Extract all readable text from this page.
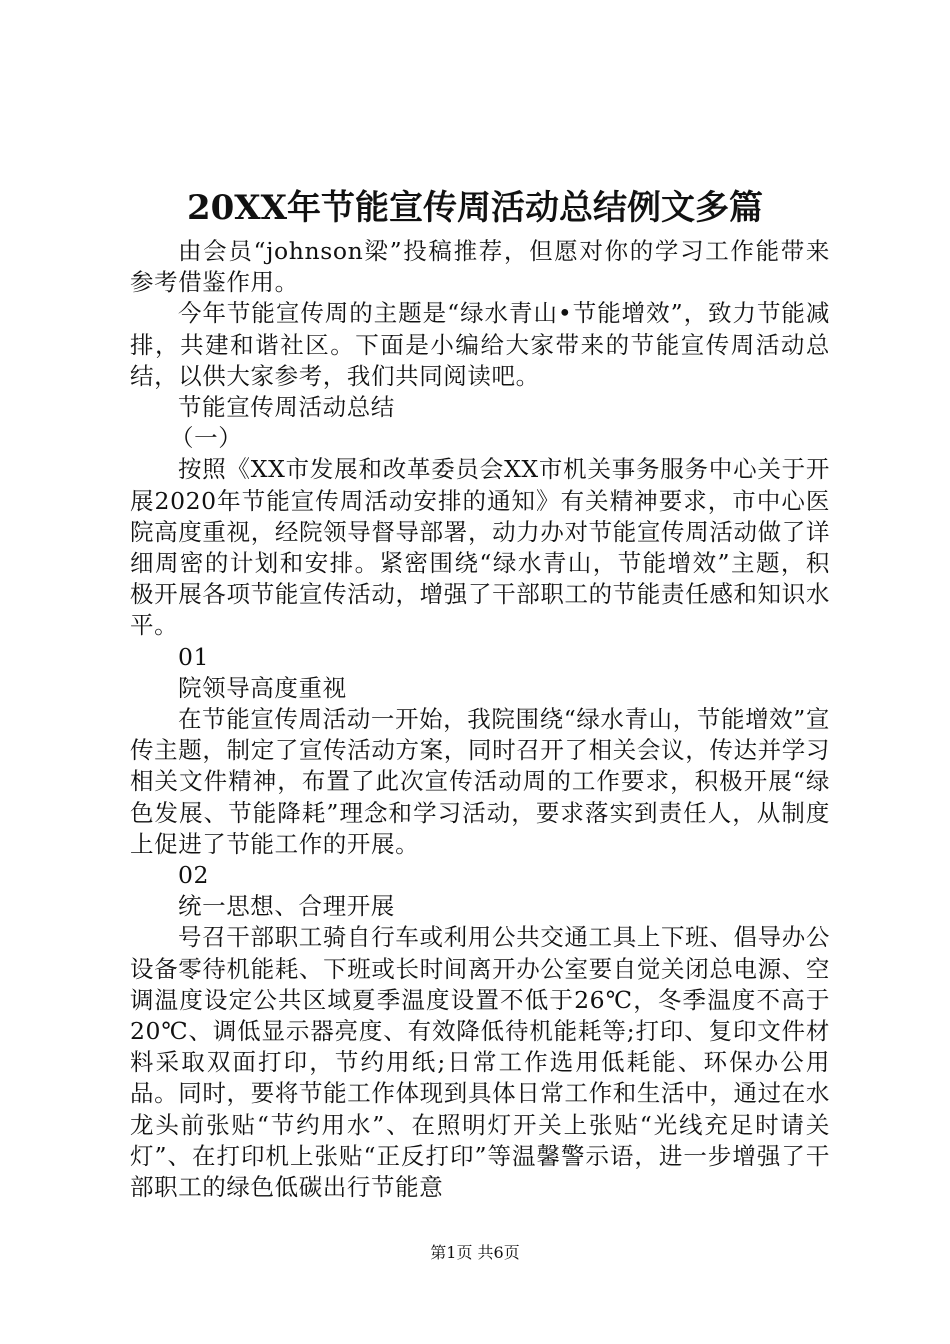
20XX年节能宣传周活动总结例文多篇

由会员“johnson梁”投稿推荐，但愿对你的学习工作能带来参考借鉴作用。

今年节能宣传周的主题是“绿水青山•节能增效”，致力节能减排，共建和谐社区。下面是小编给大家带来的节能宣传周活动总结，以供大家参考，我们共同阅读吧。

节能宣传周活动总结

（一）

按照《XX市发展和改革委员会XX市机关事务服务中心关于开展2020年节能宣传周活动安排的通知》有关精神要求，市中心医院高度重视，经院领导督导部署，动力办对节能宣传周活动做了详细周密的计划和安排。紧密围绕“绿水青山，节能增效”主题，积极开展各项节能宣传活动，增强了干部职工的节能责任感和知识水平。

01

院领导高度重视

在节能宣传周活动一开始，我院围绕“绿水青山，节能增效”宣传主题，制定了宣传活动方案，同时召开了相关会议，传达并学习相关文件精神，布置了此次宣传活动周的工作要求，积极开展“绿色发展、节能降耗”理念和学习活动，要求落实到责任人，从制度上促进了节能工作的开展。

02

统一思想、合理开展

号召干部职工骑自行车或利用公共交通工具上下班、倡导办公设备零待机能耗、下班或长时间离开办公室要自觉关闭总电源、空调温度设定公共区域夏季温度设置不低于26℃，冬季温度不高于20℃、调低显示器亮度、有效降低待机能耗等;打印、复印文件材料采取双面打印，节约用纸;日常工作选用低耗能、环保办公用品。同时，要将节能工作体现到具体日常工作和生活中，通过在水龙头前张贴“节约用水”、在照明灯开关上张贴“光线充足时请关灯”、在打印机上张贴“正反打印”等温馨警示语，进一步增强了干部职工的绿色低碳出行节能意

第1页 共6页
